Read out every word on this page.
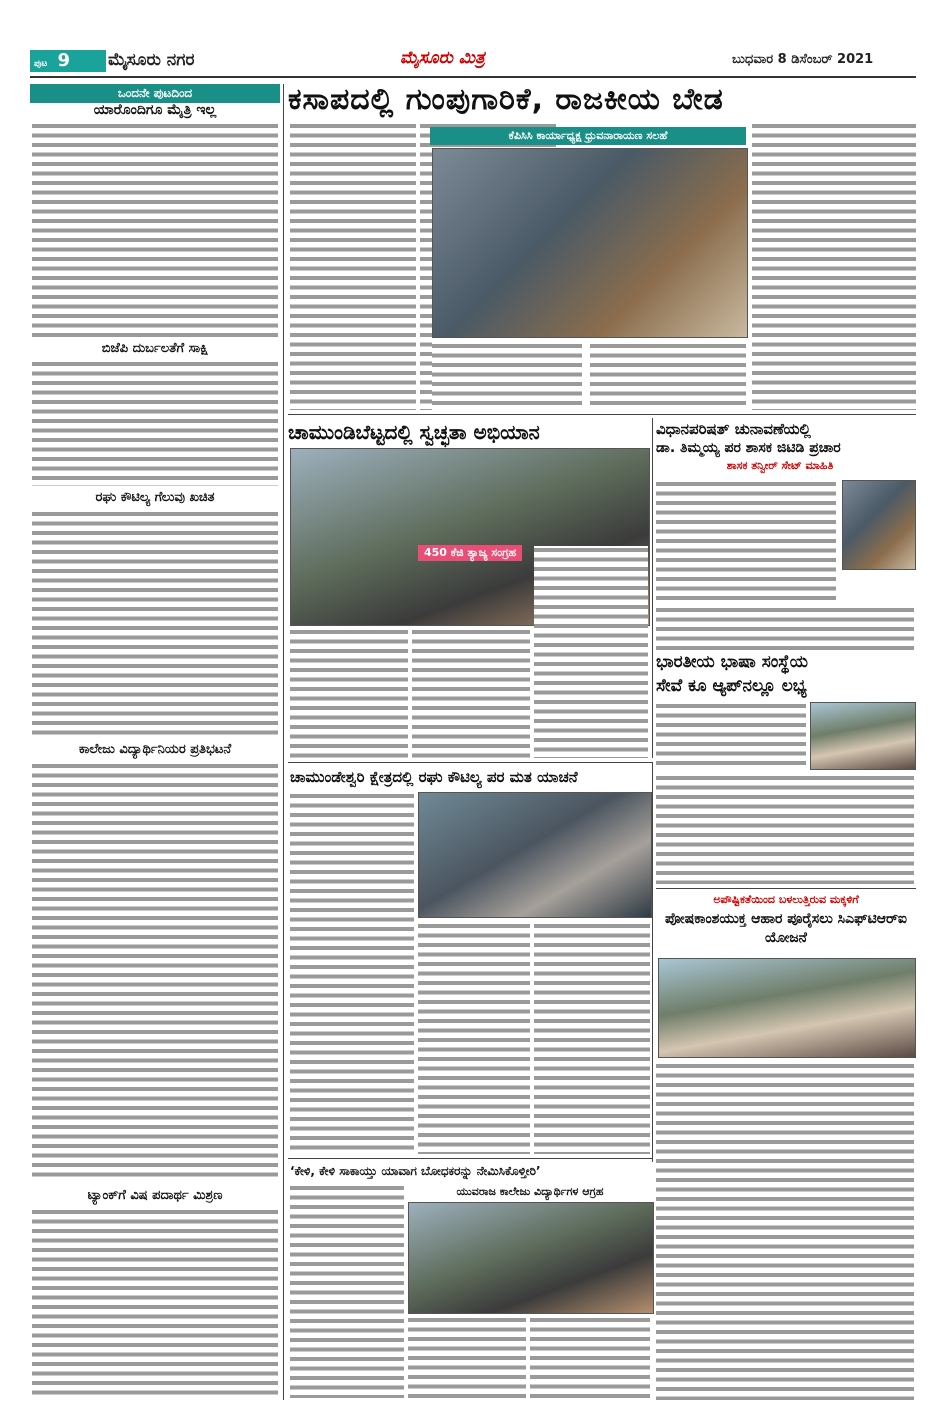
ಪುಟ 9	ಮೈಸೂರು ನಗರ	ಮೈಸೂರು ಮಿತ್ರ	ಬುಧವಾರ 8 ಡಿಸೆಂಬರ್ 2021
ಒಂದನೇ ಪುಟದಿಂದ
ಯಾರೊಂದಿಗೂ ಮೈತ್ರಿ ಇಲ್ಲ
ಬಿಜೆಪಿ ದುರ್ಬಲತೆಗೆ ಸಾಕ್ಷಿ
ರಘು ಕೌಟಿಲ್ಯ ಗೆಲುವು ಖಚಿತ
ಕಾಲೇಜು ವಿದ್ಯಾರ್ಥಿನಿಯರ ಪ್ರತಿಭಟನೆ
ಟ್ಯಾಂಕ್‌ಗೆ ವಿಷ ಪದಾರ್ಥ ಮಿಶ್ರಣ
ಕಸಾಪದಲ್ಲಿ ಗುಂಪುಗಾರಿಕೆ, ರಾಜಕೀಯ ಬೇಡ
ಕೆಪಿಸಿಸಿ ಕಾರ್ಯಾಧ್ಯಕ್ಷ ಧ್ರುವನಾರಾಯಣ ಸಲಹೆ
ಚಾಮುಂಡಿಬೆಟ್ಟದಲ್ಲಿ ಸ್ವಚ್ಛತಾ ಅಭಿಯಾನ
450 ಕೆಜಿ ತ್ಯಾಜ್ಯ ಸಂಗ್ರಹ
ವಿಧಾನಪರಿಷತ್ ಚುನಾವಣೆಯಲ್ಲಿ
ಡಾ. ತಿಮ್ಮಯ್ಯ ಪರ ಶಾಸಕ ಜಿಟಿಡಿ ಪ್ರಚಾರ
ಶಾಸಕ ತನ್ವೀರ್ ಸೇಟ್ ಮಾಹಿತಿ
ಭಾರತೀಯ ಭಾಷಾ ಸಂಸ್ಥೆಯ
ಸೇವೆ ಕೂ ಆ್ಯಪ್‌ನಲ್ಲೂ ಲಭ್ಯ
ಚಾಮುಂಡೇಶ್ವರಿ ಕ್ಷೇತ್ರದಲ್ಲಿ ರಘು ಕೌಟಿಲ್ಯ ಪರ ಮತ ಯಾಚನೆ
ಅಪೌಷ್ಟಿಕತೆಯಿಂದ ಬಳಲುತ್ತಿರುವ ಮಕ್ಕಳಿಗೆ
ಪೋಷಕಾಂಶಯುಕ್ತ ಆಹಾರ ಪೂರೈಸಲು ಸಿಎಫ್‌ಟಿಆರ್‌ಐ ಯೋಜನೆ
‘ಕೇಳಿ, ಕೇಳಿ ಸಾಕಾಯ್ತು ಯಾವಾಗ ಬೋಧಕರನ್ನು ನೇಮಿಸಿಕೊಳ್ತೀರಿ’
ಯುವರಾಜ ಕಾಲೇಜು ವಿದ್ಯಾರ್ಥಿಗಳ ಆಗ್ರಹ
